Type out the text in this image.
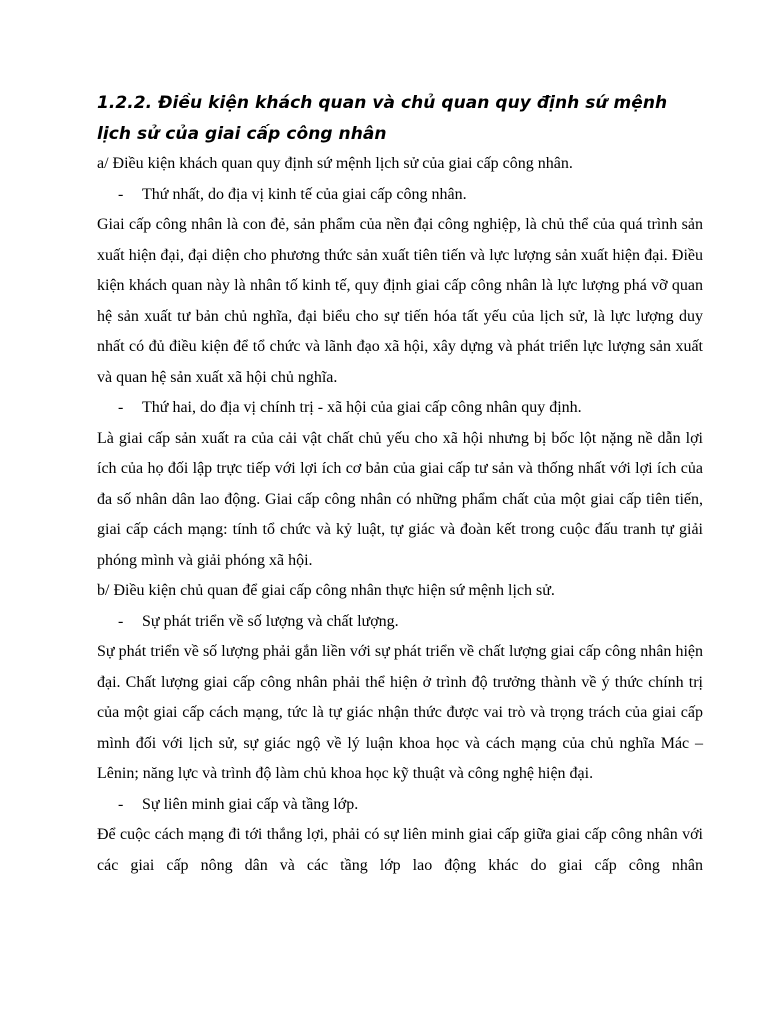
1.2.2. Điều kiện khách quan và chủ quan quy định sứ mệnh lịch sử của giai cấp công nhân

a/ Điều kiện khách quan quy định sứ mệnh lịch sử của giai cấp công nhân.

- Thứ nhất, do địa vị kinh tế của giai cấp công nhân.

Giai cấp công nhân là con đẻ, sản phẩm của nền đại công nghiệp, là chủ thể của quá trình sản xuất hiện đại, đại diện cho phương thức sản xuất tiên tiến và lực lượng sản xuất hiện đại. Điều kiện khách quan này là nhân tố kinh tế, quy định giai cấp công nhân là lực lượng phá vỡ quan hệ sản xuất tư bản chủ nghĩa, đại biểu cho sự tiến hóa tất yếu của lịch sử, là lực lượng duy nhất có đủ điều kiện để tổ chức và lãnh đạo xã hội, xây dựng và phát triển lực lượng sản xuất và quan hệ sản xuất xã hội chủ nghĩa.

- Thứ hai, do địa vị chính trị - xã hội của giai cấp công nhân quy định.

Là giai cấp sản xuất ra của cải vật chất chủ yếu cho xã hội nhưng bị bốc lột nặng nề dẫn lợi ích của họ đối lập trực tiếp với lợi ích cơ bản của giai cấp tư sản và thống nhất với lợi ích của đa số nhân dân lao động. Giai cấp công nhân có những phẩm chất của một giai cấp tiên tiến, giai cấp cách mạng: tính tổ chức và kỷ luật, tự giác và đoàn kết trong cuộc đấu tranh tự giải phóng mình và giải phóng xã hội.

b/ Điều kiện chủ quan để giai cấp công nhân thực hiện sứ mệnh lịch sử.

- Sự phát triển về số lượng và chất lượng.

Sự phát triển về số lượng phải gắn liền với sự phát triển về chất lượng giai cấp công nhân hiện đại. Chất lượng giai cấp công nhân phải thể hiện ở trình độ trưởng thành về ý thức chính trị của một giai cấp cách mạng, tức là tự giác nhận thức được vai trò và trọng trách của giai cấp mình đối với lịch sử, sự giác ngộ về lý luận khoa học và cách mạng của chủ nghĩa Mác – Lênin; năng lực và trình độ làm chủ khoa học kỹ thuật và công nghệ hiện đại.

- Sự liên minh giai cấp và tầng lớp.

Để cuộc cách mạng đi tới thắng lợi, phải có sự liên minh giai cấp giữa giai cấp công nhân với các giai cấp nông dân và các tầng lớp lao động khác do giai cấp công nhân
